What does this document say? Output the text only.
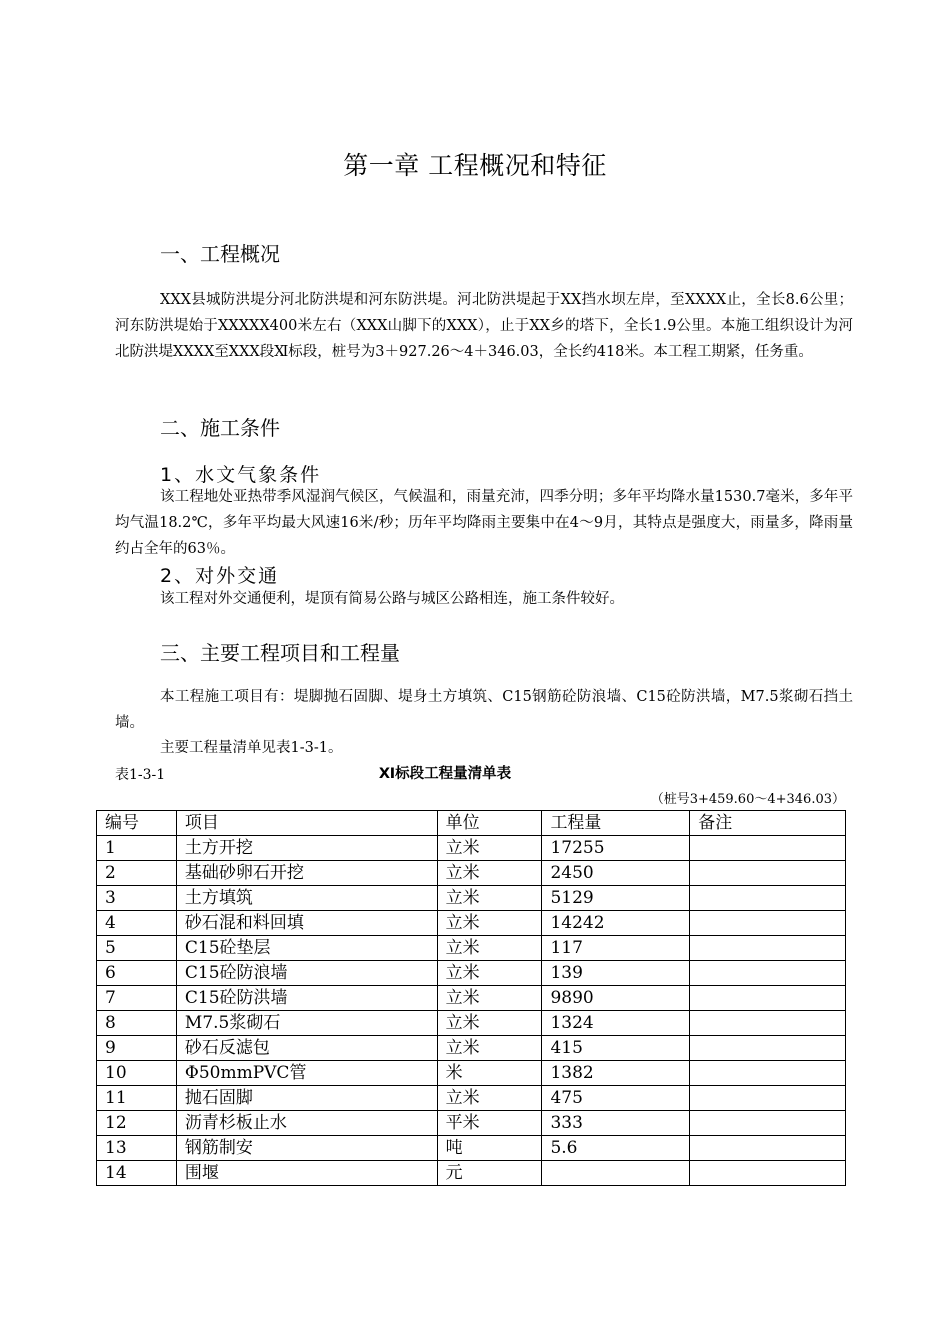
第一章 工程概况和特征
一、工程概况
XXX县城防洪堤分河北防洪堤和河东防洪堤。河北防洪堤起于XX挡水坝左岸，至XXXX止，全长8.6公里；河东防洪堤始于XXXXX400米左右（XXX山脚下的XXX），止于XX乡的塔下，全长1.9公里。本施工组织设计为河北防洪堤XXXX至XXX段Ⅺ标段，桩号为3＋927.26～4＋346.03，全长约418米。本工程工期紧，任务重。
二、施工条件
1、水文气象条件
该工程地处亚热带季风湿润气候区，气候温和，雨量充沛，四季分明；多年平均降水量1530.7毫米，多年平均气温18.2℃，多年平均最大风速16米/秒；历年平均降雨主要集中在4～9月，其特点是强度大，雨量多，降雨量约占全年的63％。
2、对外交通
该工程对外交通便利，堤顶有简易公路与城区公路相连，施工条件较好。
三、主要工程项目和工程量
本工程施工项目有：堤脚抛石固脚、堤身土方填筑、C15钢筋砼防浪墙、C15砼防洪墙，M7.5浆砌石挡土墙。
主要工程量清单见表1-3-1。
表1-3-1	Ⅺ标段工程量清单表
（桩号3+459.60～4+346.03）
编号	项目	单位	工程量	备注
1	土方开挖	立米	17255	
2	基础砂卵石开挖	立米	2450	
3	土方填筑	立米	5129	
4	砂石混和料回填	立米	14242	
5	C15砼垫层	立米	117	
6	C15砼防浪墙	立米	139	
7	C15砼防洪墙	立米	9890	
8	M7.5浆砌石	立米	1324	
9	砂石反滤包	立米	415	
10	Φ50mmPVC管	米	1382	
11	抛石固脚	立米	475	
12	沥青杉板止水	平米	333	
13	钢筋制安	吨	5.6	
14	围堰	元		
